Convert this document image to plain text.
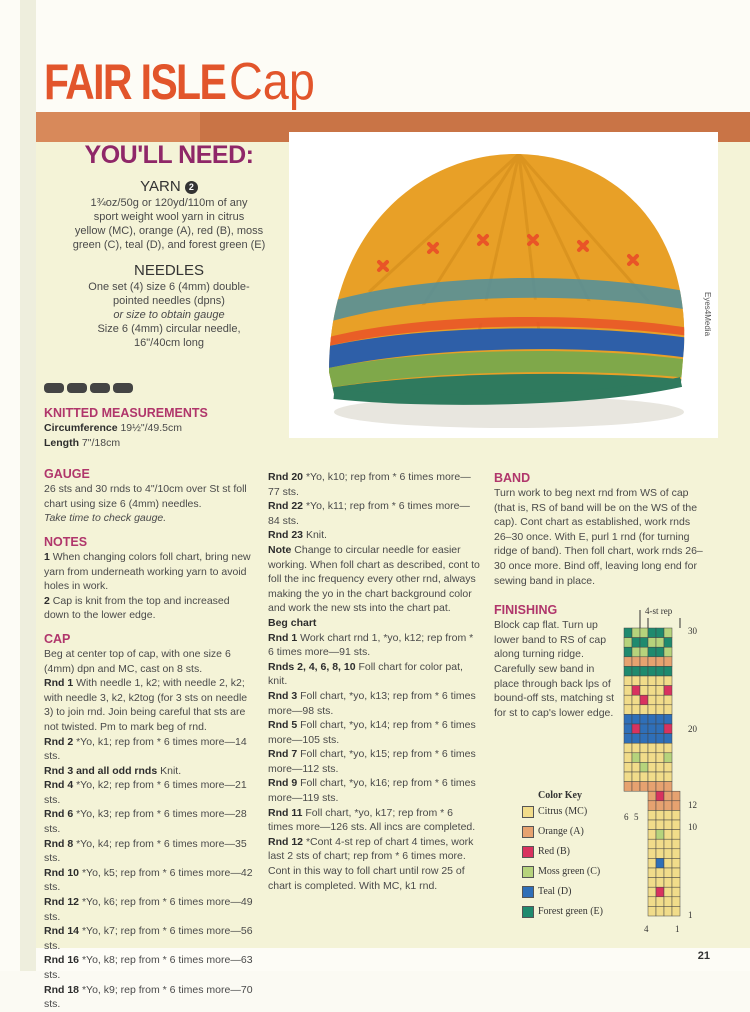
FAIR ISLE Cap
YOU'LL NEED:
YARN 2
1¾oz/50g or 120yd/110m of any
sport weight wool yarn in citrus
yellow (MC), orange (A), red (B), moss
green (C), teal (D), and forest green (E)
NEEDLES
One set (4) size 6 (4mm) double-
pointed needles (dpns)
or size to obtain gauge
Size 6 (4mm) circular needle,
16"/40cm long
Eyes4Media
KNITTED MEASUREMENTS

Circumference 19½"/49.5cm

Length 7"/18cm

GAUGE

26 sts and 30 rnds to 4"/10cm over St st foll chart using size 6 (4mm) needles.

Take time to check gauge.

NOTES

1 When changing colors foll chart, bring new yarn from underneath working yarn to avoid holes in work.

2 Cap is knit from the top and increased down to the lower edge.

CAP

Beg at center top of cap, with one size 6 (4mm) dpn and MC, cast on 8 sts.

Rnd 1 With needle 1, k2; with needle 2, k2; with needle 3, k2, k2tog (for 3 sts on needle 3) to join rnd. Join being careful that sts are not twisted. Pm to mark beg of rnd.

Rnd 2 *Yo, k1; rep from * 6 times more—14 sts.

Rnd 3 and all odd rnds Knit.

Rnd 4 *Yo, k2; rep from * 6 times more—21 sts.

Rnd 6 *Yo, k3; rep from * 6 times more—28 sts.

Rnd 8 *Yo, k4; rep from * 6 times more—35 sts.

Rnd 10 *Yo, k5; rep from * 6 times more—42 sts.

Rnd 12 *Yo, k6; rep from * 6 times more—49 sts.

Rnd 14 *Yo, k7; rep from * 6 times more—56 sts.

Rnd 16 *Yo, k8; rep from * 6 times more—63 sts.

Rnd 18 *Yo, k9; rep from * 6 times more—70 sts.

Rnd 20 *Yo, k10; rep from * 6 times more—77 sts.

Rnd 22 *Yo, k11; rep from * 6 times more—84 sts.

Rnd 23 Knit.

Note Change to circular needle for easier working. When foll chart as described, cont to foll the inc frequency every other rnd, always making the yo in the chart background color and work the new sts into the chart pat.

Beg chart

Rnd 1 Work chart rnd 1, *yo, k12; rep from * 6 times more—91 sts.

Rnds 2, 4, 6, 8, 10 Foll chart for color pat, knit.

Rnd 3 Foll chart, *yo, k13; rep from * 6 times more—98 sts.

Rnd 5 Foll chart, *yo, k14; rep from * 6 times more—105 sts.

Rnd 7 Foll chart, *yo, k15; rep from * 6 times more—112 sts.

Rnd 9 Foll chart, *yo, k16; rep from * 6 times more—119 sts.

Rnd 11 Foll chart, *yo, k17; rep from * 6 times more—126 sts. All incs are completed.

Rnd 12 *Cont 4-st rep of chart 4 times, work last 2 sts of chart; rep from * 6 times more. Cont in this way to foll chart until row 25 of chart is completed. With MC, k1 rnd.

BAND

Turn work to beg next rnd from WS of cap (that is, RS of band will be on the WS of the cap). Cont chart as established, work rnds 26–30 once. With E, purl 1 rnd (for turning ridge of band). Then foll chart, work rnds 26–30 once more. Bind off, leaving long end for sewing band in place.

FINISHING

Block cap flat. Turn up lower band to RS of cap along turning ridge. Carefully sew band in place through back lps of bound-off sts, matching st for st to cap's lower edge.

Color Key
Citrus (MC)
Orange (A)
Red (B)
Moss green (C)
Teal (D)
Forest green (E)
4-st rep
30
20
12
10
1
6 5
4	1
21
